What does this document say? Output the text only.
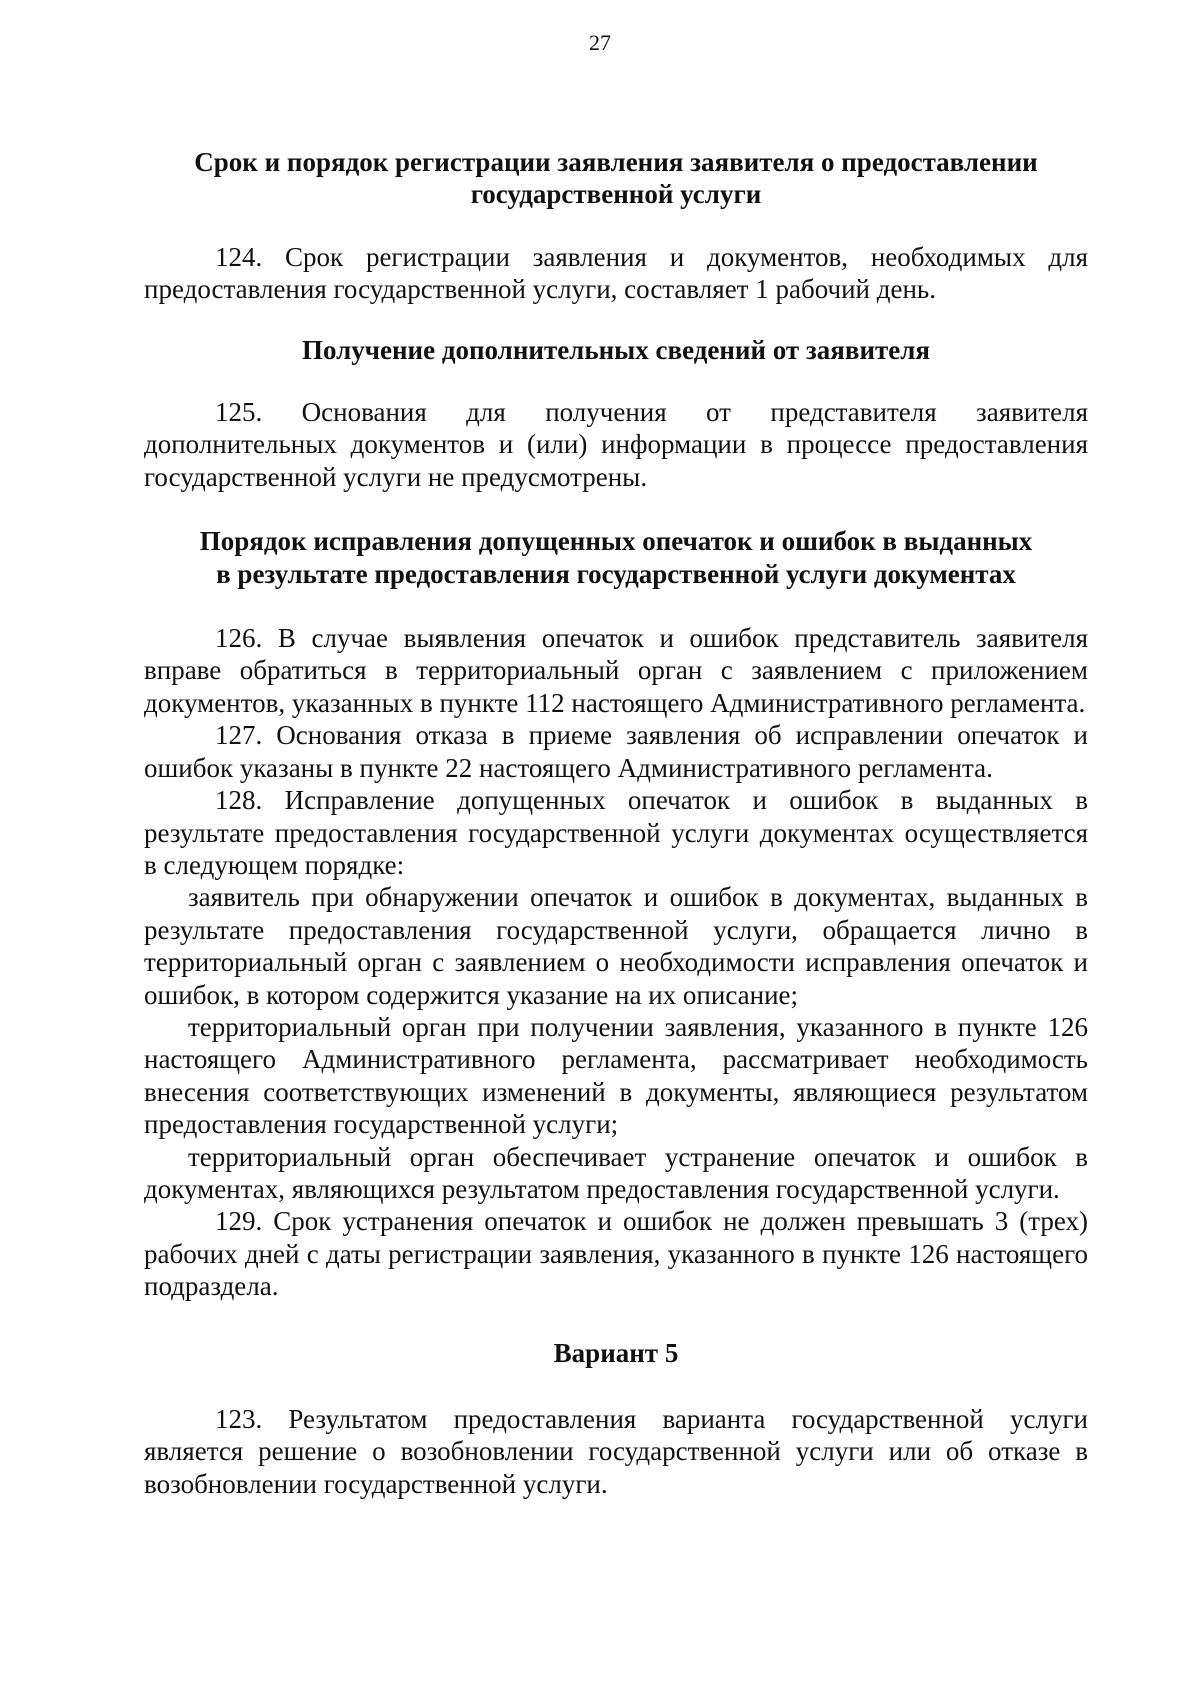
27
Срок и порядок регистрации заявления заявителя о предоставлении
государственной услуги

124. Срок регистрации заявления и документов, необходимых для предоставления государственной услуги, составляет 1 рабочий день.

Получение дополнительных сведений от заявителя

125. Основания для получения от представителя заявителя дополнительных документов и (или) информации в процессе предоставления государственной услуги не предусмотрены.

Порядок исправления допущенных опечаток и ошибок в выданных
в результате предоставления государственной услуги документах

126. В случае выявления опечаток и ошибок представитель заявителя вправе обратиться в территориальный орган с заявлением с приложением документов, указанных в пункте 112 настоящего Административного регламента.

127. Основания отказа в приеме заявления об исправлении опечаток и ошибок указаны в пункте 22 настоящего Административного регламента.

128. Исправление допущенных опечаток и ошибок в выданных в результате предоставления государственной услуги документах осуществляется в следующем порядке:

заявитель при обнаружении опечаток и ошибок в документах, выданных в результате предоставления государственной услуги, обращается лично в территориальный орган с заявлением о необходимости исправления опечаток и ошибок, в котором содержится указание на их описание;

территориальный орган при получении заявления, указанного в пункте 126 настоящего Административного регламента, рассматривает необходимость внесения соответствующих изменений в документы, являющиеся результатом предоставления государственной услуги;

территориальный орган обеспечивает устранение опечаток и ошибок в документах, являющихся результатом предоставления государственной услуги.

129. Срок устранения опечаток и ошибок не должен превышать 3 (трех) рабочих дней с даты регистрации заявления, указанного в пункте 126 настоящего подраздела.

Вариант 5

123. Результатом предоставления варианта государственной услуги является решение о возобновлении государственной услуги или об отказе в возобновлении государственной услуги.
